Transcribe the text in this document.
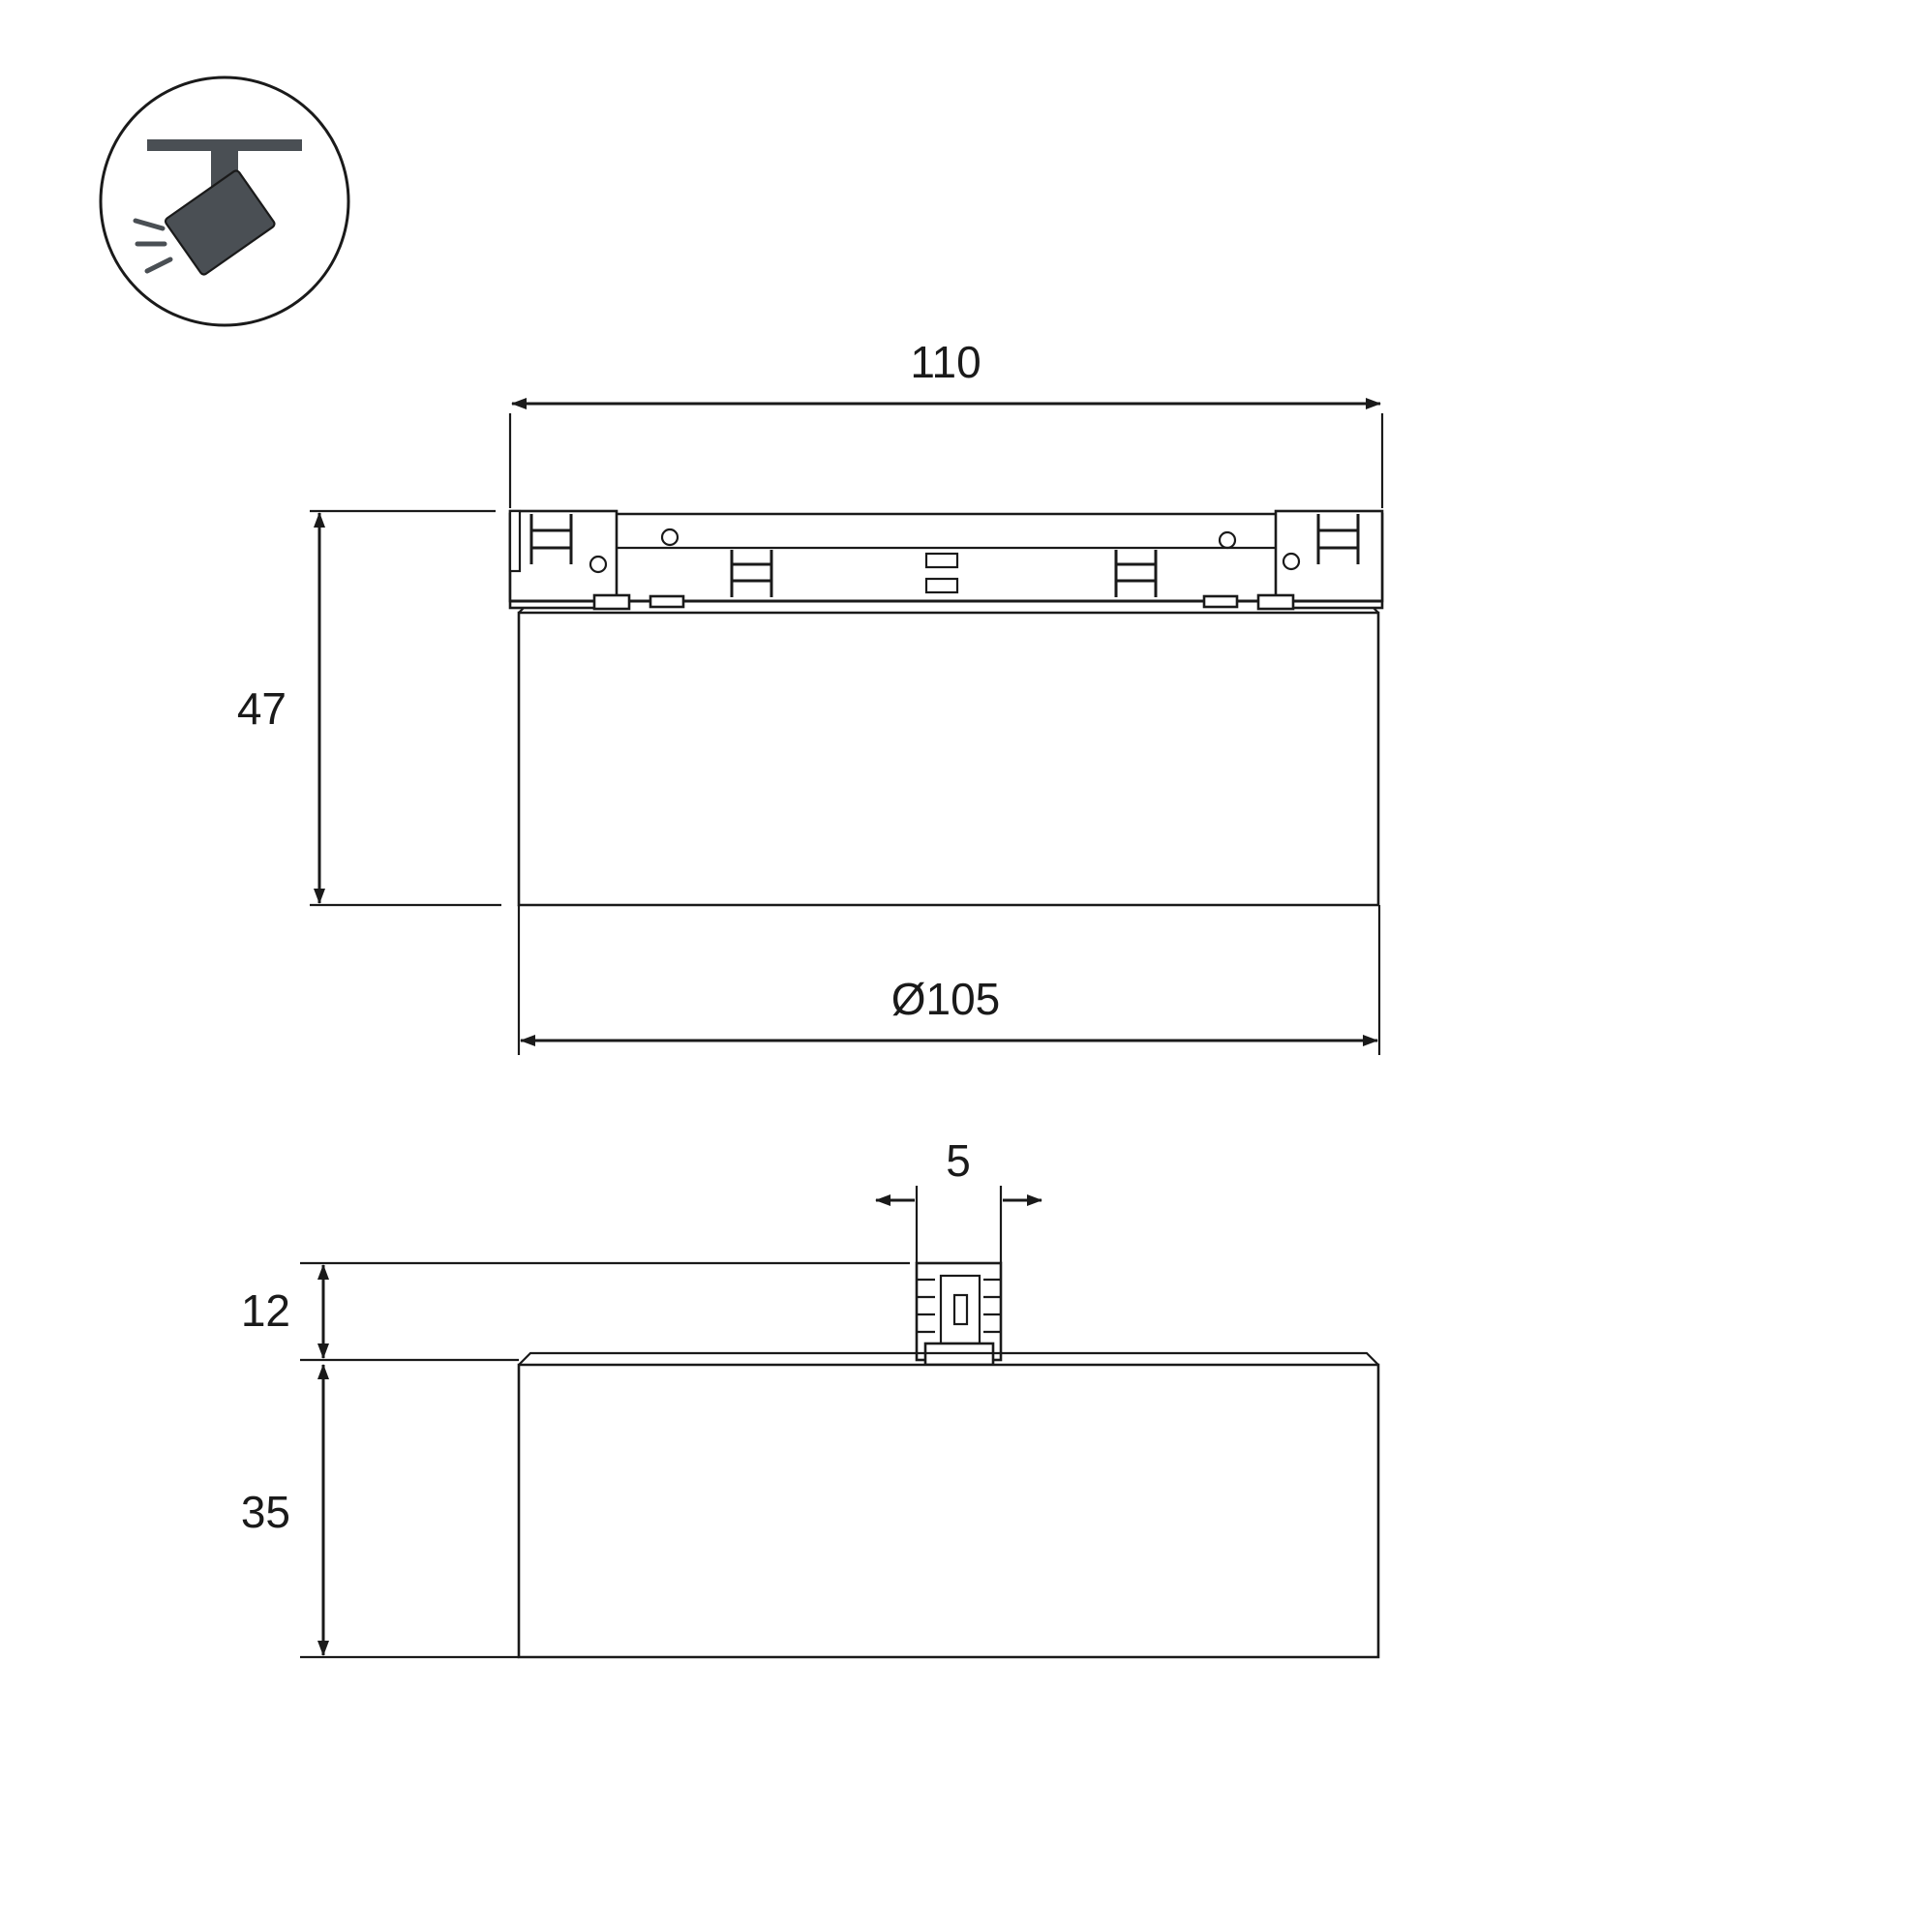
110
47
Ø105
5
12
35
